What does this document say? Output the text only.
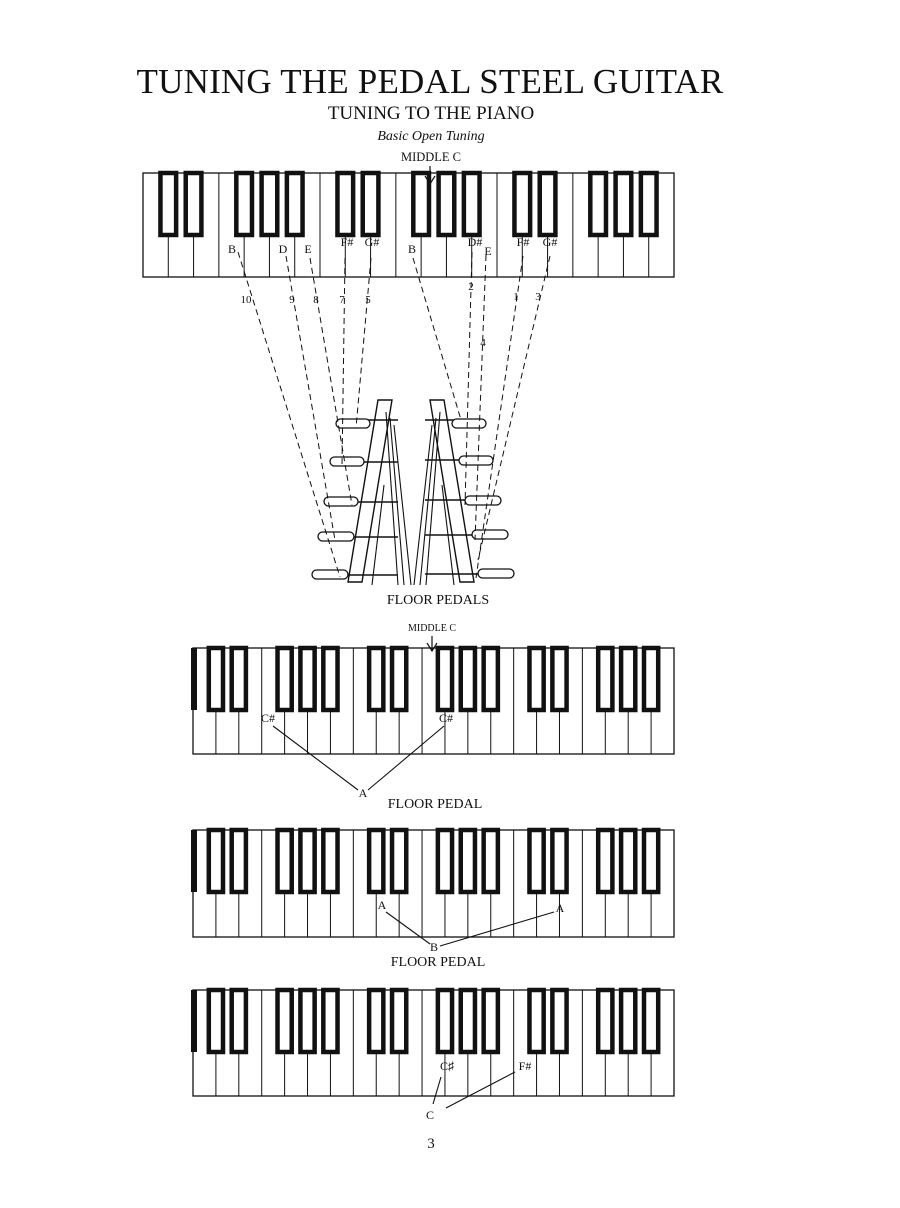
TUNING THE PEDAL STEEL GUITAR
TUNING TO THE PIANO
Basic Open Tuning
MIDDLE C
FLOOR PEDALS
MIDDLE C
FLOOR PEDAL
FLOOR PEDAL
3
B
10
D
9
E
8
F#
7
G#
5
B	D#
2
E
4
F#
1
G#
3
C#	C#
A
A	A
B
C♯	F#
C
